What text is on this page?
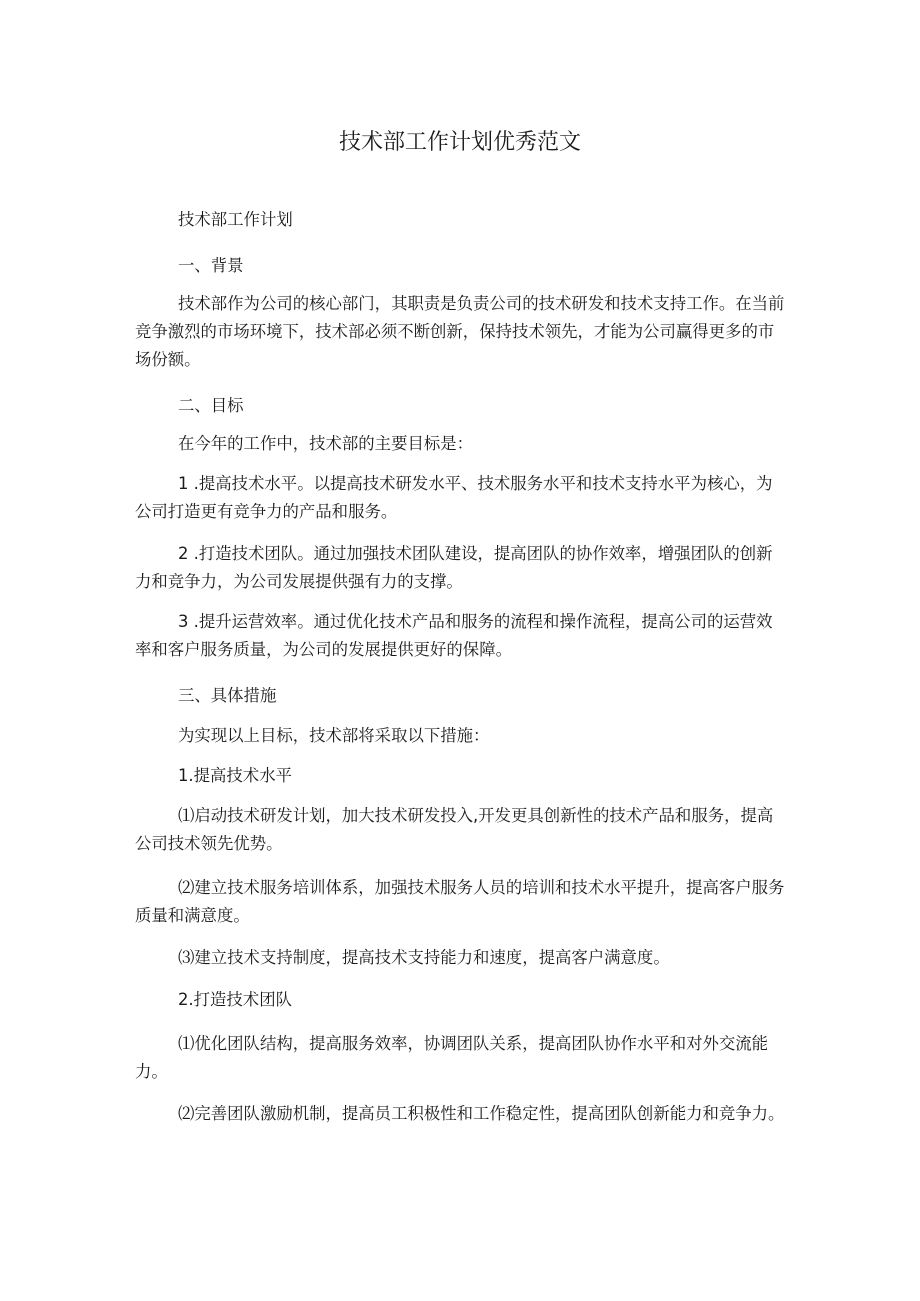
技术部工作计划优秀范文

技术部工作计划

一、背景

技术部作为公司的核心部门，其职责是负责公司的技术研发和技术支持工作。在当前竞争激烈的市场环境下，技术部必须不断创新，保持技术领先，才能为公司赢得更多的市场份额。

二、目标

在今年的工作中，技术部的主要目标是：

1 .提高技术水平。以提高技术研发水平、技术服务水平和技术支持水平为核心，为公司打造更有竞争力的产品和服务。

2 .打造技术团队。通过加强技术团队建设，提高团队的协作效率，增强团队的创新力和竞争力，为公司发展提供强有力的支撑。

3 .提升运营效率。通过优化技术产品和服务的流程和操作流程，提高公司的运营效率和客户服务质量，为公司的发展提供更好的保障。

三、具体措施

为实现以上目标，技术部将采取以下措施：

1.提高技术水平

⑴启动技术研发计划，加大技术研发投入,开发更具创新性的技术产品和服务，提高公司技术领先优势。

⑵建立技术服务培训体系，加强技术服务人员的培训和技术水平提升，提高客户服务质量和满意度。

⑶建立技术支持制度，提高技术支持能力和速度，提高客户满意度。

2.打造技术团队

⑴优化团队结构，提高服务效率，协调团队关系，提高团队协作水平和对外交流能力。

⑵完善团队激励机制，提高员工积极性和工作稳定性，提高团队创新能力和竞争力。
